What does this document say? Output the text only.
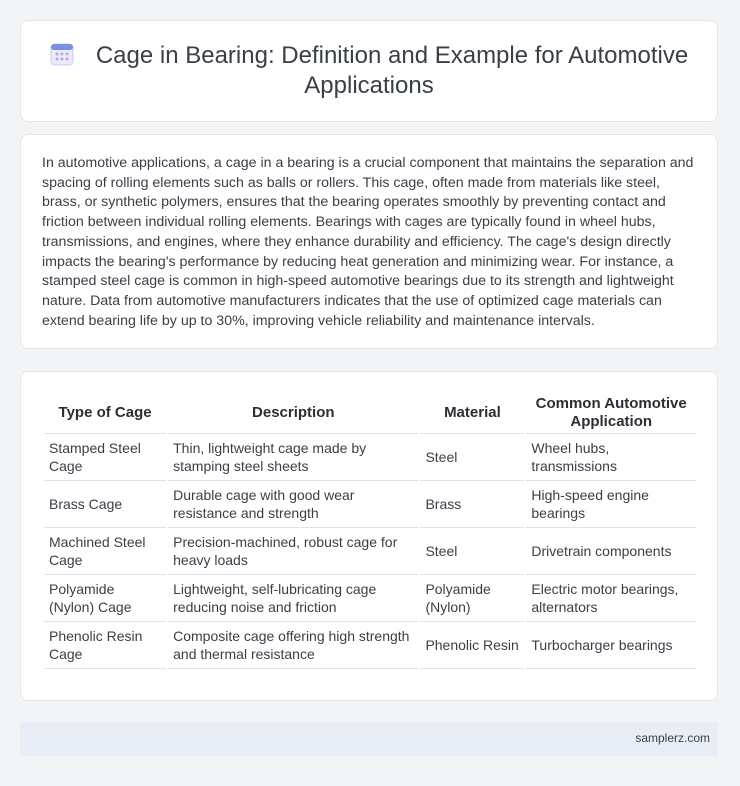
Cage in Bearing: Definition and Example for Automotive Applications

In automotive applications, a cage in a bearing is a crucial component that maintains the separation and spacing of rolling elements such as balls or rollers. This cage, often made from materials like steel, brass, or synthetic polymers, ensures that the bearing operates smoothly by preventing contact and friction between individual rolling elements. Bearings with cages are typically found in wheel hubs, transmissions, and engines, where they enhance durability and efficiency. The cage's design directly impacts the bearing's performance by reducing heat generation and minimizing wear. For instance, a stamped steel cage is common in high-speed automotive bearings due to its strength and lightweight nature. Data from automotive manufacturers indicates that the use of optimized cage materials can extend bearing life by up to 30%, improving vehicle reliability and maintenance intervals.

Type of Cage	Description	Material	Common Automotive Application
Stamped Steel Cage	Thin, lightweight cage made by stamping steel sheets	Steel	Wheel hubs, transmissions
Brass Cage	Durable cage with good wear resistance and strength	Brass	High-speed engine bearings
Machined Steel Cage	Precision-machined, robust cage for heavy loads	Steel	Drivetrain components
Polyamide (Nylon) Cage	Lightweight, self-lubricating cage reducing noise and friction	Polyamide (Nylon)	Electric motor bearings, alternators
Phenolic Resin Cage	Composite cage offering high strength and thermal resistance	Phenolic Resin	Turbocharger bearings
samplerz.com
